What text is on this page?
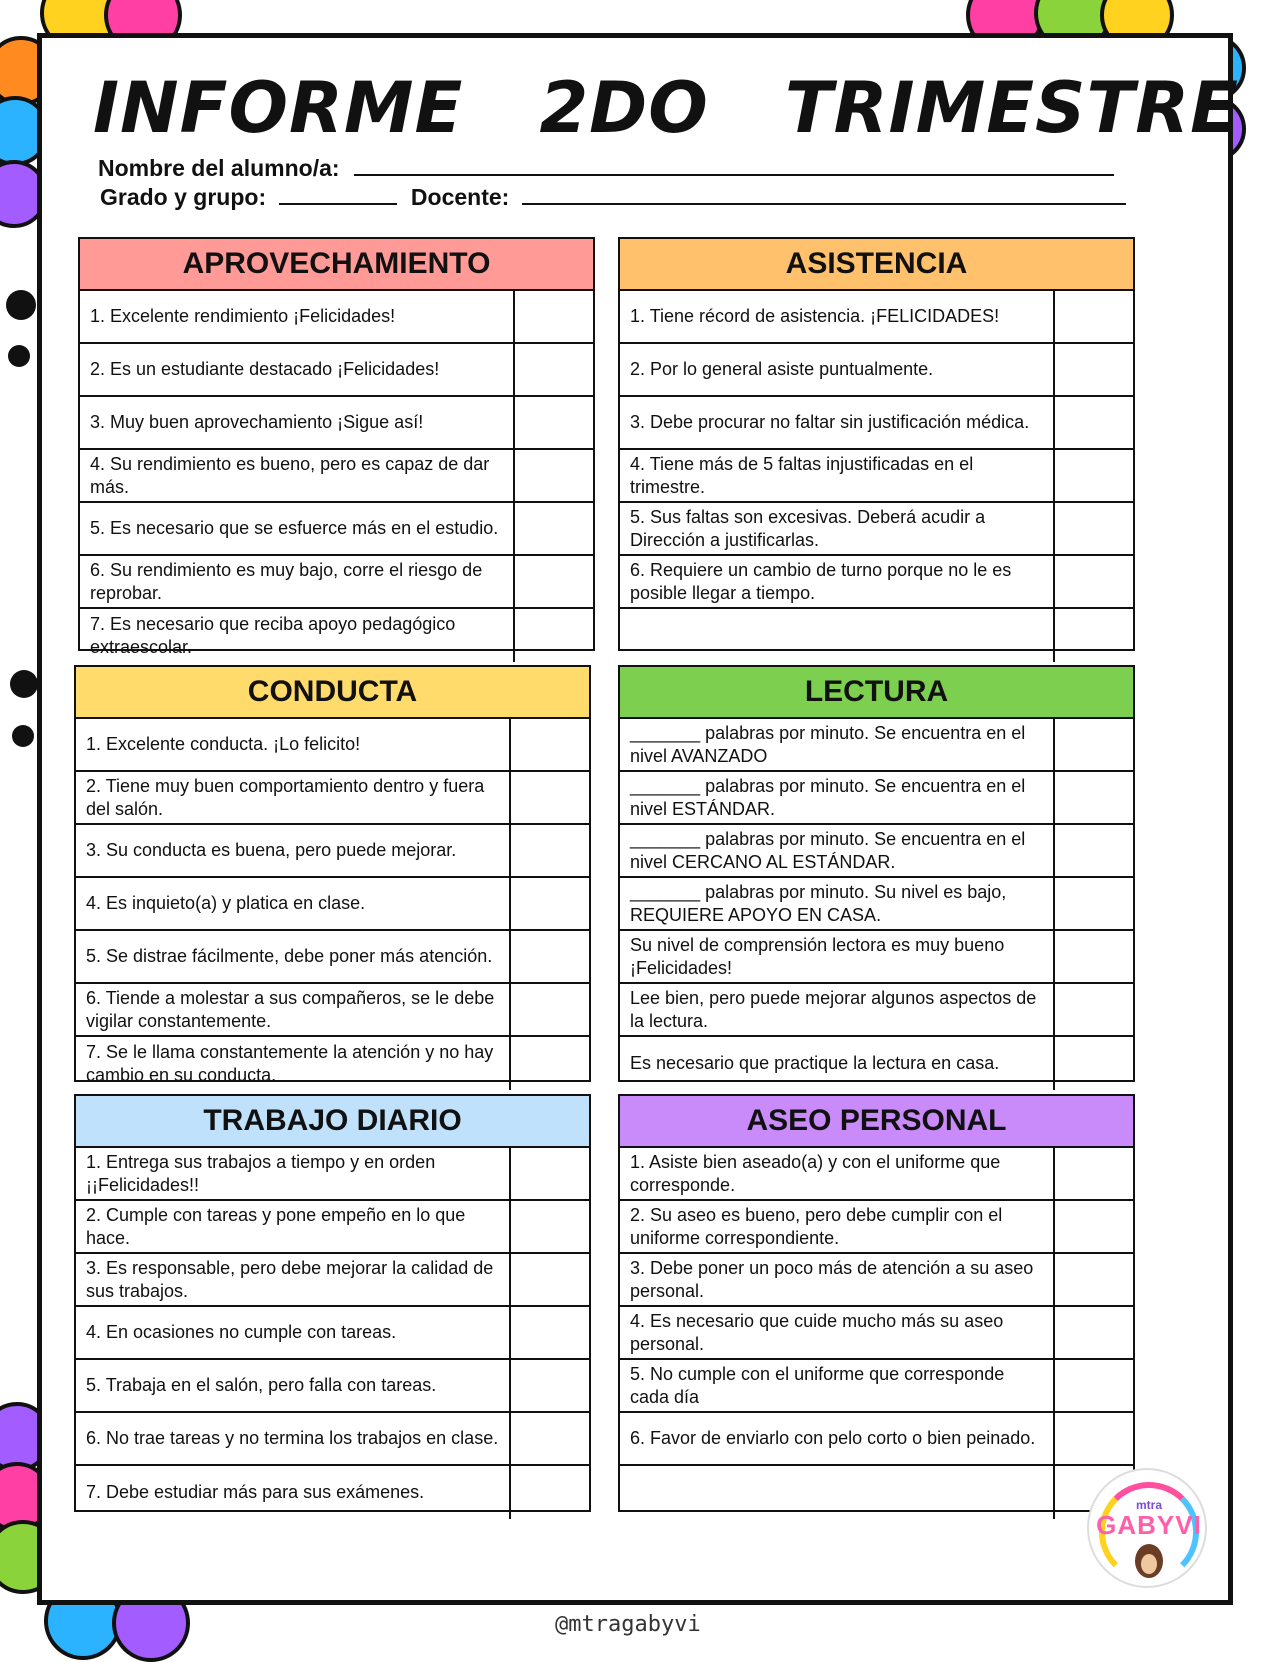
INFORME   2DO   TRIMESTRE
Nombre del alumno/a:
Grado y grupo:	Docente:
APROVECHAMIENTO
1. Excelente rendimiento ¡Felicidades!
2. Es un estudiante destacado ¡Felicidades!
3. Muy buen aprovechamiento ¡Sigue así!
4. Su rendimiento es bueno, pero es capaz de dar más.
5. Es necesario que se esfuerce más en el estudio.
6. Su rendimiento es muy bajo, corre el riesgo de reprobar.
7. Es necesario que reciba apoyo pedagógico extraescolar.
ASISTENCIA
1. Tiene récord de asistencia. ¡FELICIDADES!
2. Por lo general asiste puntualmente.
3. Debe procurar no faltar sin justificación médica.
4. Tiene más de 5 faltas injustificadas en el trimestre.
5. Sus faltas son excesivas. Deberá acudir a Dirección a justificarlas.
6. Requiere un cambio de turno porque no le es posible llegar a tiempo.
CONDUCTA
1. Excelente conducta. ¡Lo felicito!
2. Tiene muy buen comportamiento dentro y fuera del salón.
3. Su conducta es buena, pero puede mejorar.
4. Es inquieto(a) y platica en clase.
5. Se distrae fácilmente, debe poner más atención.
6. Tiende a molestar a sus compañeros, se le debe vigilar constantemente.
7. Se le llama constantemente la atención y no hay cambio en su conducta.
LECTURA
_______ palabras por minuto. Se encuentra en el nivel AVANZADO
_______ palabras por minuto. Se encuentra en el nivel ESTÁNDAR.
_______ palabras por minuto. Se encuentra en el nivel CERCANO AL ESTÁNDAR.
_______ palabras por minuto. Su nivel es bajo, REQUIERE APOYO EN CASA.
Su nivel de comprensión lectora es muy bueno ¡Felicidades!
Lee bien, pero puede mejorar algunos aspectos de la lectura.
Es necesario que practique la lectura en casa.
TRABAJO DIARIO
1. Entrega sus trabajos a tiempo y en orden ¡¡Felicidades!!
2. Cumple con tareas y pone empeño en lo que hace.
3. Es responsable, pero debe mejorar la calidad de sus trabajos.
4. En ocasiones no cumple con tareas.
5. Trabaja en el salón, pero falla con tareas.
6. No trae tareas y no termina los trabajos en clase.
7. Debe estudiar más para sus exámenes.
ASEO PERSONAL
1. Asiste bien aseado(a) y con el uniforme que corresponde.
2. Su aseo es bueno, pero debe cumplir con el uniforme correspondiente.
3. Debe poner un poco más de atención a su aseo personal.
4. Es necesario que cuide mucho más su aseo personal.
5. No cumple con el uniforme que corresponde cada día
6. Favor de enviarlo con pelo corto o bien peinado.
@mtragabyvi
mtra
GABYVI
